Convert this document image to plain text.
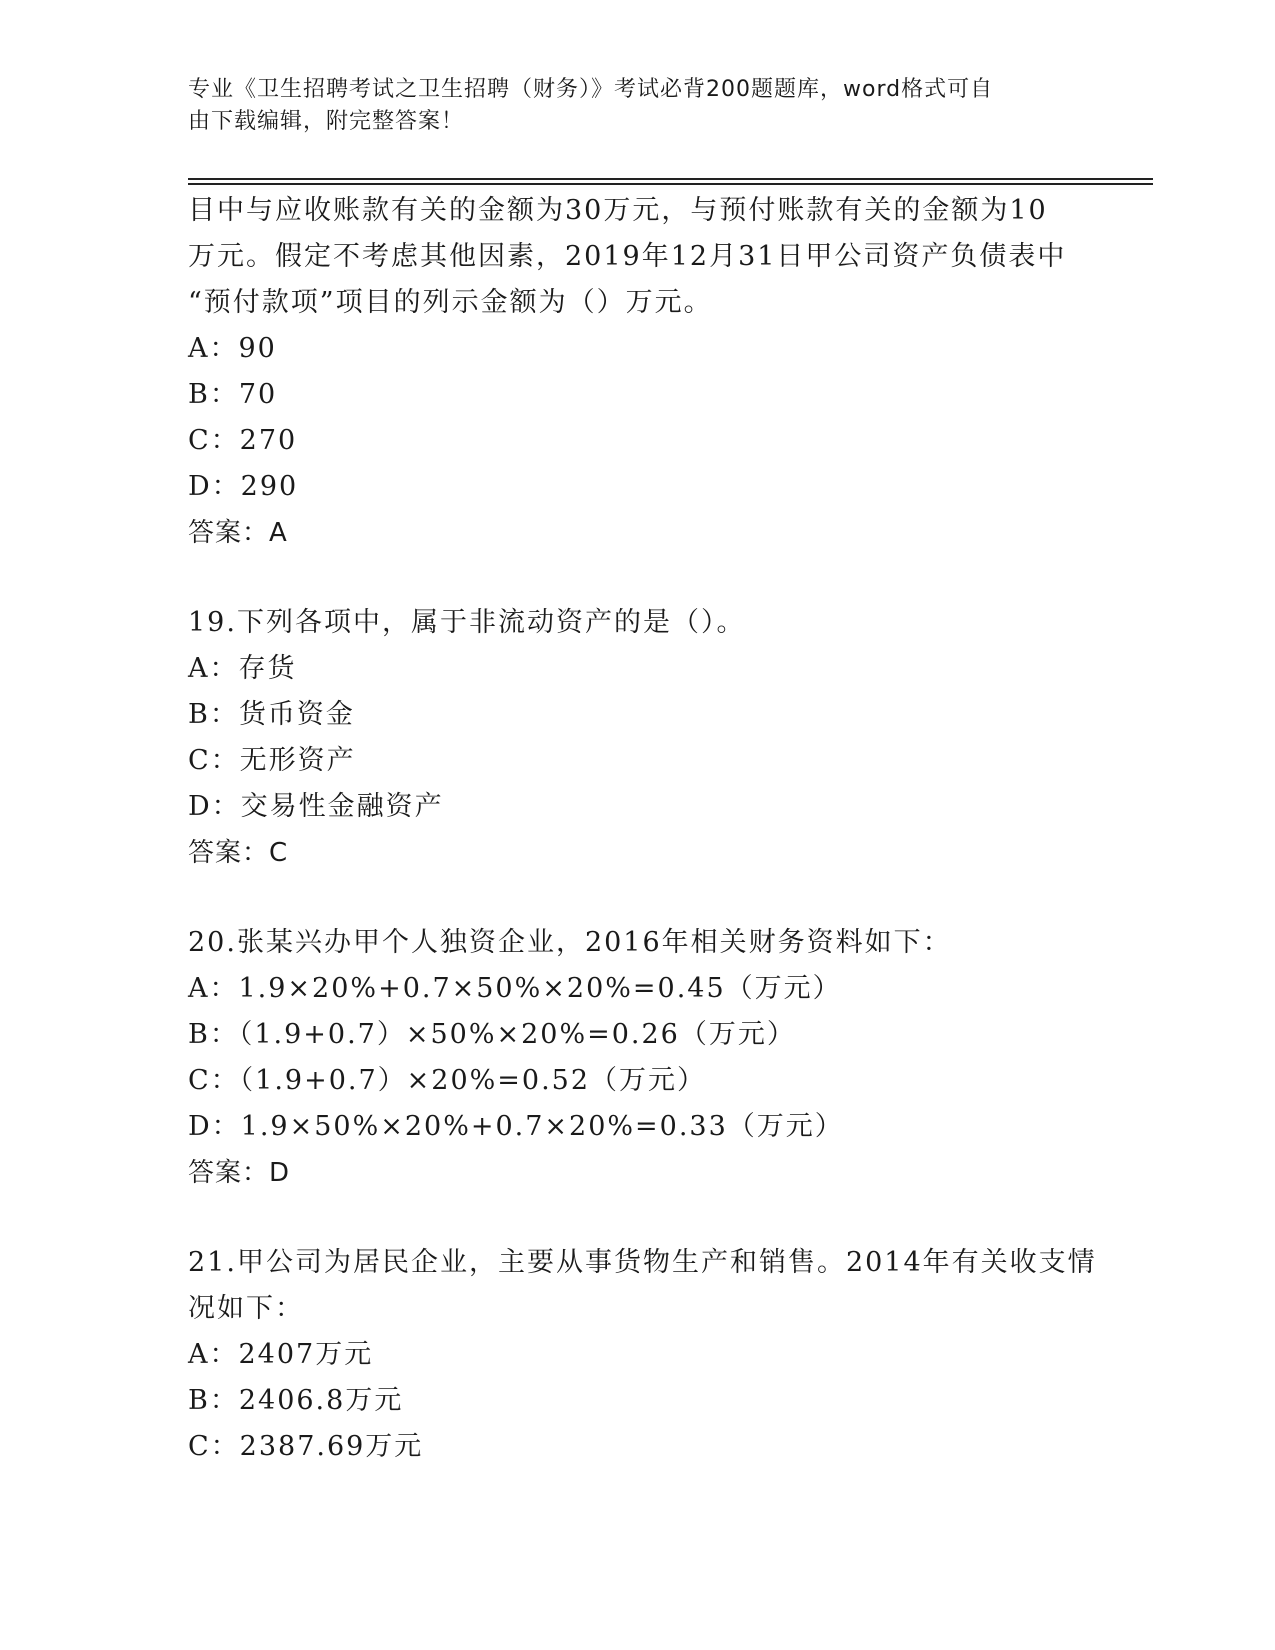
专业《卫生招聘考试之卫生招聘（财务）》考试必背200题题库，word格式可自
由下载编辑，附完整答案！
目中与应收账款有关的金额为30万元，与预付账款有关的金额为10
万元。假定不考虑其他因素，2019年12月31日甲公司资产负债表中
“预付款项”项目的列示金额为（）万元。
A：90
B：70
C：270
D：290
答案：A
19.下列各项中，属于非流动资产的是（）。
A：存货
B：货币资金
C：无形资产
D：交易性金融资产
答案：C
20.张某兴办甲个人独资企业，2016年相关财务资料如下：
A：1.9×20%+0.7×50%×20%=0.45（万元）
B：（1.9+0.7）×50%×20%=0.26（万元）
C：（1.9+0.7）×20%=0.52（万元）
D：1.9×50%×20%+0.7×20%=0.33（万元）
答案：D
21.甲公司为居民企业，主要从事货物生产和销售。2014年有关收支情
况如下：
A：2407万元
B：2406.8万元
C：2387.69万元
